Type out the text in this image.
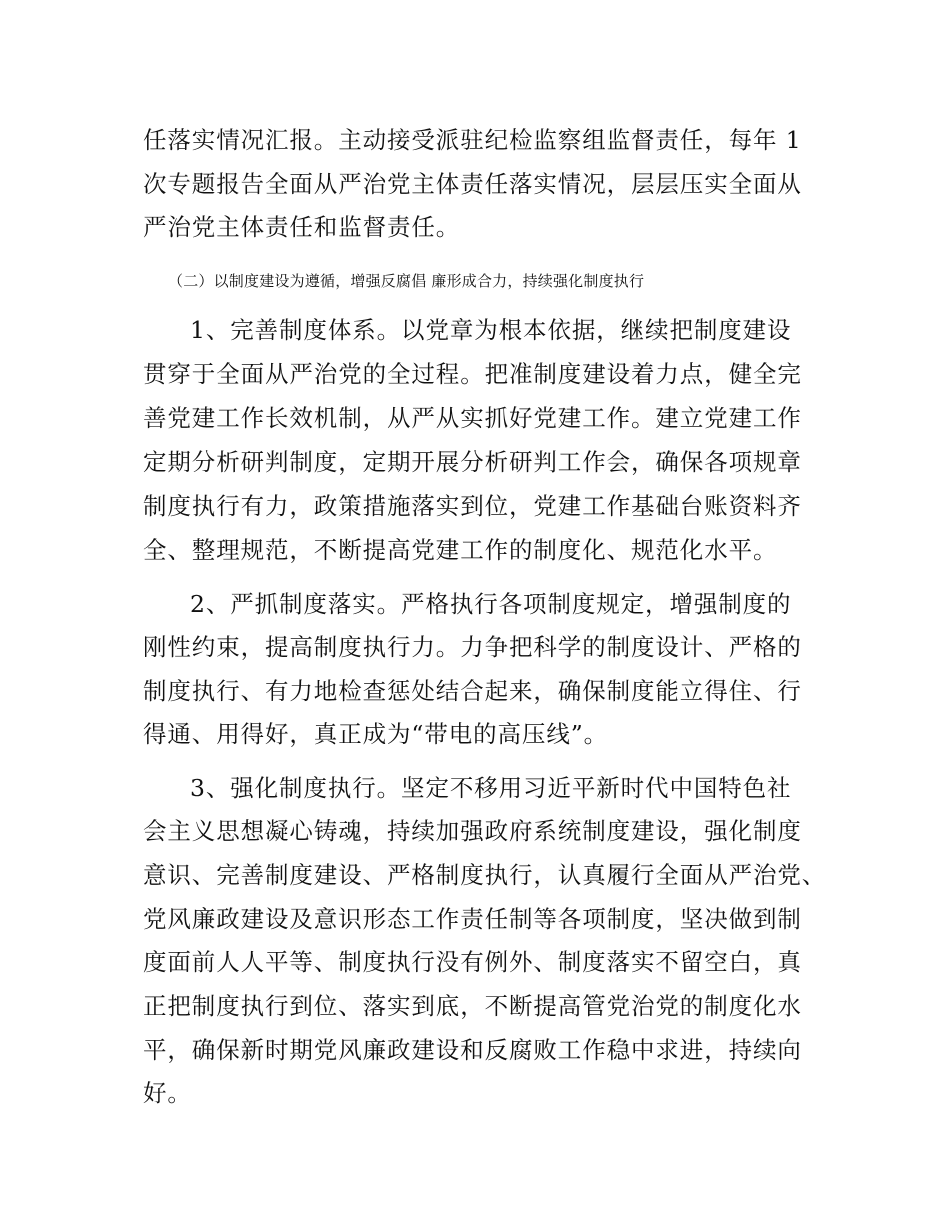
任落实情况汇报。主动接受派驻纪检监察组监督责任，每年 1
次专题报告全面从严治党主体责任落实情况，层层压实全面从
严治党主体责任和监督责任。
（二）以制度建设为遵循，增强反腐倡 廉形成合力，持续强化制度执行
1、完善制度体系。以党章为根本依据，继续把制度建设
贯穿于全面从严治党的全过程。把准制度建设着力点，健全完
善党建工作长效机制，从严从实抓好党建工作。建立党建工作
定期分析研判制度，定期开展分析研判工作会，确保各项规章
制度执行有力，政策措施落实到位，党建工作基础台账资料齐
全、整理规范，不断提高党建工作的制度化、规范化水平。
2、严抓制度落实。严格执行各项制度规定，增强制度的
刚性约束，提高制度执行力。力争把科学的制度设计、严格的
制度执行、有力地检查惩处结合起来，确保制度能立得住、行
得通、用得好，真正成为“带电的高压线”。
3、强化制度执行。坚定不移用习近平新时代中国特色社
会主义思想凝心铸魂，持续加强政府系统制度建设，强化制度
意识、完善制度建设、严格制度执行，认真履行全面从严治党、
党风廉政建设及意识形态工作责任制等各项制度，坚决做到制
度面前人人平等、制度执行没有例外、制度落实不留空白，真
正把制度执行到位、落实到底，不断提高管党治党的制度化水
平，确保新时期党风廉政建设和反腐败工作稳中求进，持续向
好。
